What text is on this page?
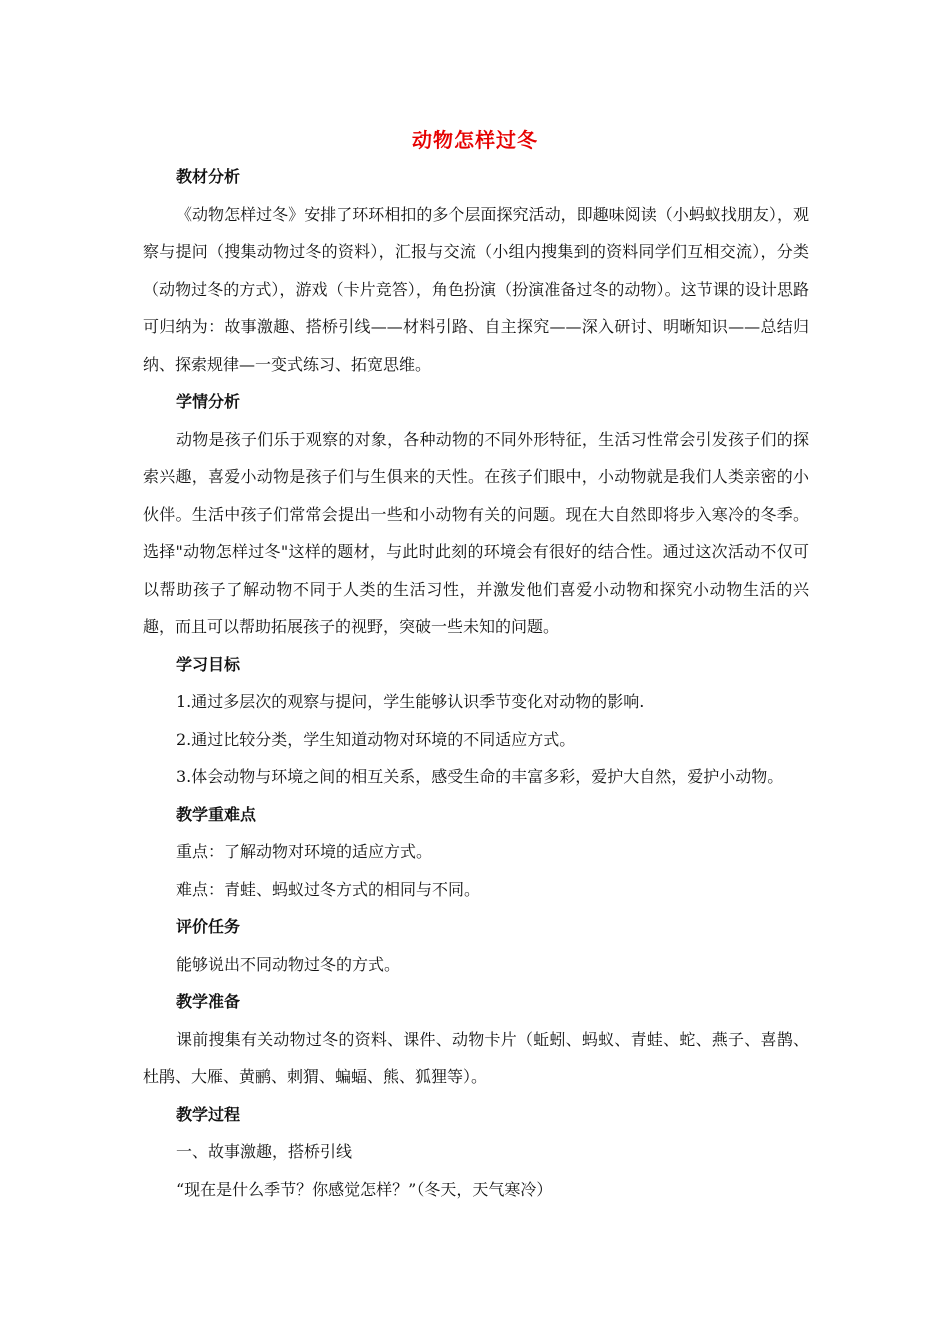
动物怎样过冬

教材分析

《动物怎样过冬》安排了环环相扣的多个层面探究活动，即趣味阅读（小蚂蚁找朋友），观察与提问（搜集动物过冬的资料），汇报与交流（小组内搜集到的资料同学们互相交流），分类（动物过冬的方式），游戏（卡片竞答），角色扮演（扮演准备过冬的动物）。这节课的设计思路可归纳为：故事激趣、搭桥引线——材料引路、自主探究——深入研讨、明晰知识——总结归纳、探索规律—一变式练习、拓宽思维。

学情分析

动物是孩子们乐于观察的对象，各种动物的不同外形特征，生活习性常会引发孩子们的探索兴趣，喜爱小动物是孩子们与生俱来的天性。在孩子们眼中，小动物就是我们人类亲密的小伙伴。生活中孩子们常常会提出一些和小动物有关的问题。现在大自然即将步入寒冷的冬季。选择"动物怎样过冬"这样的题材，与此时此刻的环境会有很好的结合性。通过这次活动不仅可以帮助孩子了解动物不同于人类的生活习性，并激发他们喜爱小动物和探究小动物生活的兴趣，而且可以帮助拓展孩子的视野，突破一些未知的问题。

学习目标

1.通过多层次的观察与提问，学生能够认识季节变化对动物的影响.

2.通过比较分类，学生知道动物对环境的不同适应方式。

3.体会动物与环境之间的相互关系，感受生命的丰富多彩，爱护大自然，爱护小动物。

教学重难点

重点：了解动物对环境的适应方式。

难点：青蛙、蚂蚁过冬方式的相同与不同。

评价任务

能够说出不同动物过冬的方式。

教学准备

课前搜集有关动物过冬的资料、课件、动物卡片（蚯蚓、蚂蚁、青蛙、蛇、燕子、喜鹊、杜鹃、大雁、黄鹂、刺猬、蝙蝠、熊、狐狸等）。

教学过程

一、故事激趣，搭桥引线

“现在是什么季节？你感觉怎样？”（冬天，天气寒冷）
